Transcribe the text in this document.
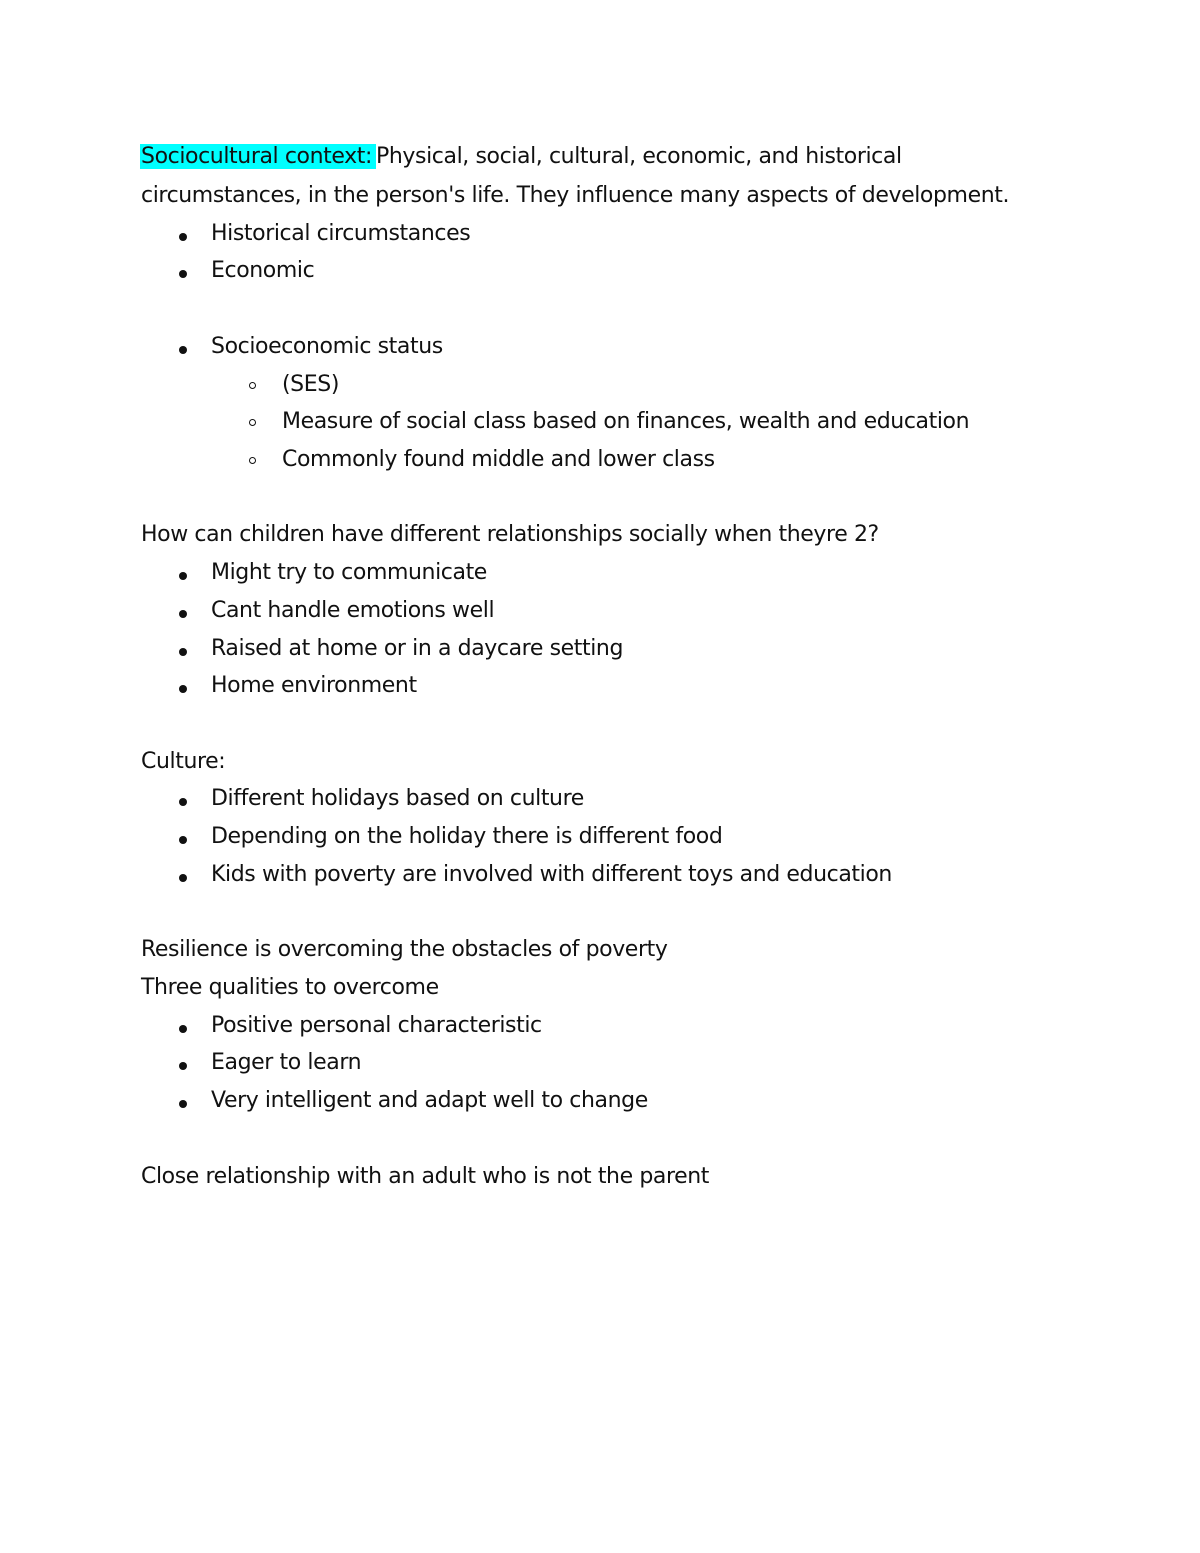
Sociocultural context: Physical, social, cultural, economic, and historical
circumstances, in the person's life. They influence many aspects of development.
Historical circumstances
Economic
Socioeconomic status
(SES)
Measure of social class based on finances, wealth and education
Commonly found middle and lower class
How can children have different relationships socially when theyre 2?
Might try to communicate
Cant handle emotions well
Raised at home or in a daycare setting
Home environment
Culture:
Different holidays based on culture
Depending on the holiday there is different food
Kids with poverty are involved with different toys and education
Resilience is overcoming the obstacles of poverty
Three qualities to overcome
Positive personal characteristic
Eager to learn
Very intelligent and adapt well to change
Close relationship with an adult who is not the parent
